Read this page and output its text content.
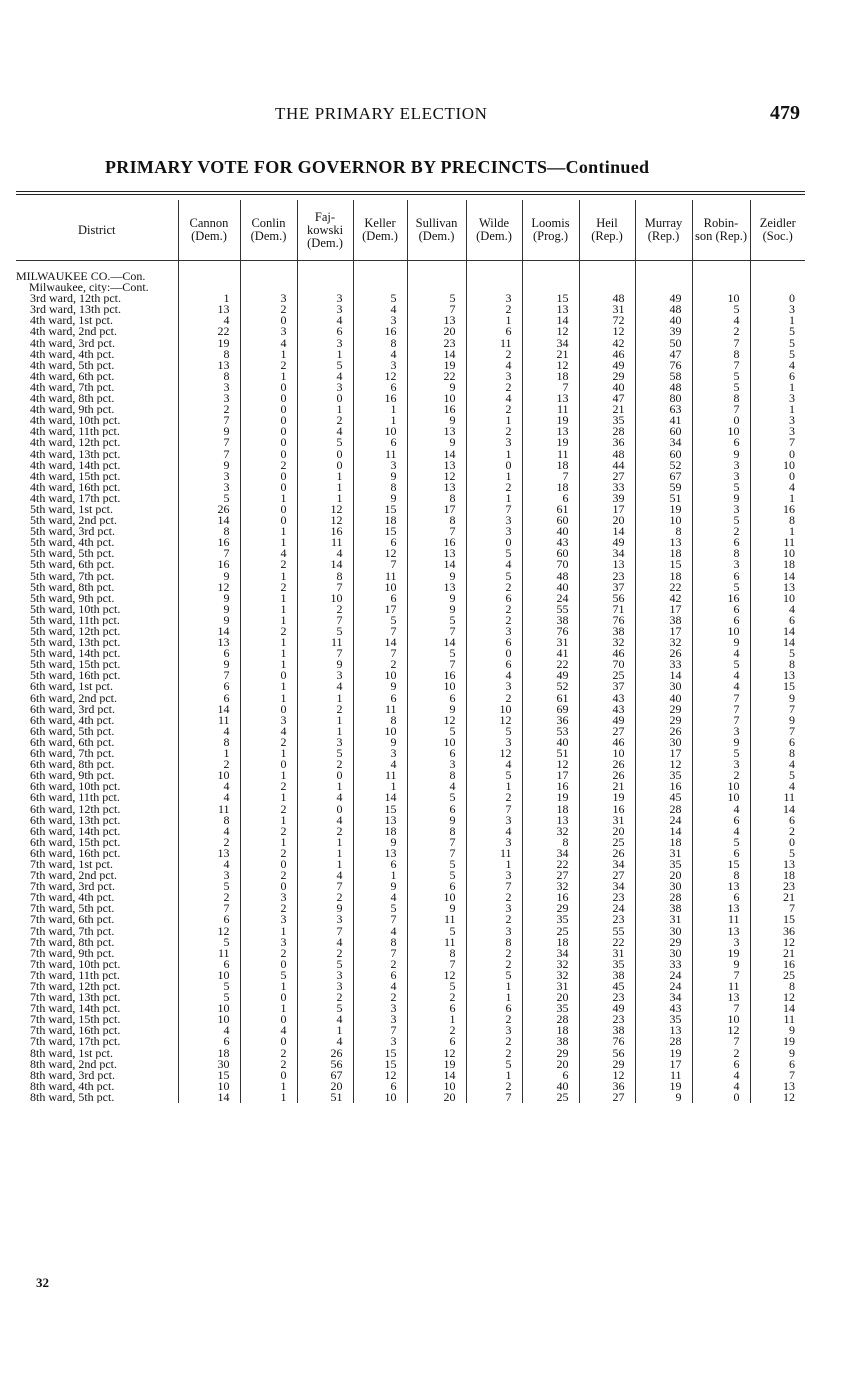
THE PRIMARY ELECTION	479
PRIMARY VOTE FOR GOVERNOR BY PRECINCTS—Continued
District	Cannon (Dem.)	Conlin (Dem.)	Faj- kowski (Dem.)	Keller (Dem.)	Sullivan (Dem.)	Wilde (Dem.)	Loomis (Prog.)	Heil (Rep.)	Murray (Rep.)	Robin- son (Rep.)	Zeidler (Soc.)

MILWAUKEE CO.—Con.											
Milwaukee, city:—Cont.											
3rd ward, 12th pct.	1	3	3	5	5	3	15	48	49	10	0
3rd ward, 13th pct.	13	2	3	4	7	2	13	31	48	5	3
4th ward, 1st pct.	4	0	4	3	13	1	14	72	40	4	1
4th ward, 2nd pct.	22	3	6	16	20	6	12	12	39	2	5
4th ward, 3rd pct.	19	4	3	8	23	11	34	42	50	7	5
4th ward, 4th pct.	8	1	1	4	14	2	21	46	47	8	5
4th ward, 5th pct.	13	2	5	3	19	4	12	49	76	7	4
4th ward, 6th pct.	8	1	4	12	22	3	18	29	58	5	6
4th ward, 7th pct.	3	0	3	6	9	2	7	40	48	5	1
4th ward, 8th pct.	3	0	0	16	10	4	13	47	80	8	3
4th ward, 9th pct.	2	0	1	1	16	2	11	21	63	7	1
4th ward, 10th pct.	7	0	2	1	9	1	19	35	41	0	3
4th ward, 11th pct.	9	0	4	10	13	2	13	28	60	10	3
4th ward, 12th pct.	7	0	5	6	9	3	19	36	34	6	7
4th ward, 13th pct.	7	0	0	11	14	1	11	48	60	9	0
4th ward, 14th pct.	9	2	0	3	13	0	18	44	52	3	10
4th ward, 15th pct.	3	0	1	9	12	1	7	27	67	3	0
4th ward, 16th pct.	3	0	1	8	13	2	18	33	59	5	4
4th ward, 17th pct.	5	1	1	9	8	1	6	39	51	9	1
5th ward, 1st pct.	26	0	12	15	17	7	61	17	19	3	16
5th ward, 2nd pct.	14	0	12	18	8	3	60	20	10	5	8
5th ward, 3rd pct.	8	1	16	15	7	3	40	14	8	2	1
5th ward, 4th pct.	16	1	11	6	16	0	43	49	13	6	11
5th ward, 5th pct.	7	4	4	12	13	5	60	34	18	8	10
5th ward, 6th pct.	16	2	14	7	14	4	70	13	15	3	18
5th ward, 7th pct.	9	1	8	11	9	5	48	23	18	6	14
5th ward, 8th pct.	12	2	7	10	13	2	40	37	22	5	13
5th ward, 9th pct.	9	1	10	6	9	6	24	56	42	16	10
5th ward, 10th pct.	9	1	2	17	9	2	55	71	17	6	4
5th ward, 11th pct.	9	1	7	5	5	2	38	76	38	6	6
5th ward, 12th pct.	14	2	5	7	7	3	76	38	17	10	14
5th ward, 13th pct.	13	1	11	14	14	6	31	32	32	9	14
5th ward, 14th pct.	6	1	7	7	5	0	41	46	26	4	5
5th ward, 15th pct.	9	1	9	2	7	6	22	70	33	5	8
5th ward, 16th pct.	7	0	3	10	16	4	49	25	14	4	13
6th ward, 1st pct.	6	1	4	9	10	3	52	37	30	4	15
6th ward, 2nd pct.	6	1	1	6	6	2	61	43	40	7	9
6th ward, 3rd pct.	14	0	2	11	9	10	69	43	29	7	7
6th ward, 4th pct.	11	3	1	8	12	12	36	49	29	7	9
6th ward, 5th pct.	4	4	1	10	5	5	53	27	26	3	7
6th ward, 6th pct.	8	2	3	9	10	3	40	46	30	9	6
6th ward, 7th pct.	1	1	5	3	6	12	51	10	17	5	8
6th ward, 8th pct.	2	0	2	4	3	4	12	26	12	3	4
6th ward, 9th pct.	10	1	0	11	8	5	17	26	35	2	5
6th ward, 10th pct.	4	2	1	1	4	1	16	21	16	10	4
6th ward, 11th pct.	4	1	4	14	5	2	19	19	45	10	11
6th ward, 12th pct.	11	2	0	15	6	7	18	16	28	4	14
6th ward, 13th pct.	8	1	4	13	9	3	13	31	24	6	6
6th ward, 14th pct.	4	2	2	18	8	4	32	20	14	4	2
6th ward, 15th pct.	2	1	1	9	7	3	8	25	18	5	0
6th ward, 16th pct.	13	2	1	13	7	11	34	26	31	6	5
7th ward, 1st pct.	4	0	1	6	5	1	22	34	35	15	13
7th ward, 2nd pct.	3	2	4	1	5	3	27	27	20	8	18
7th ward, 3rd pct.	5	0	7	9	6	7	32	34	30	13	23
7th ward, 4th pct.	2	3	2	4	10	2	16	23	28	6	21
7th ward, 5th pct.	7	2	9	5	9	3	29	24	38	13	7
7th ward, 6th pct.	6	3	3	7	11	2	35	23	31	11	15
7th ward, 7th pct.	12	1	7	4	5	3	25	55	30	13	36
7th ward, 8th pct.	5	3	4	8	11	8	18	22	29	3	12
7th ward, 9th pct.	11	2	2	7	8	2	34	31	30	19	21
7th ward, 10th pct.	6	0	5	2	7	2	32	35	33	9	16
7th ward, 11th pct.	10	5	3	6	12	5	32	38	24	7	25
7th ward, 12th pct.	5	1	3	4	5	1	31	45	24	11	8
7th ward, 13th pct.	5	0	2	2	2	1	20	23	34	13	12
7th ward, 14th pct.	10	1	5	3	6	6	35	49	43	7	14
7th ward, 15th pct.	10	0	4	3	1	2	28	23	35	10	11
7th ward, 16th pct.	4	4	1	7	2	3	18	38	13	12	9
7th ward, 17th pct.	6	0	4	3	6	2	38	76	28	7	19
8th ward, 1st pct.	18	2	26	15	12	2	29	56	19	2	9
8th ward, 2nd pct.	30	2	56	15	19	5	20	29	17	6	6
8th ward, 3rd pct.	15	0	67	12	14	1	6	12	11	4	7
8th ward, 4th pct.	10	1	20	6	10	2	40	36	19	4	13
8th ward, 5th pct.	14	1	51	10	20	7	25	27	9	0	12
32
